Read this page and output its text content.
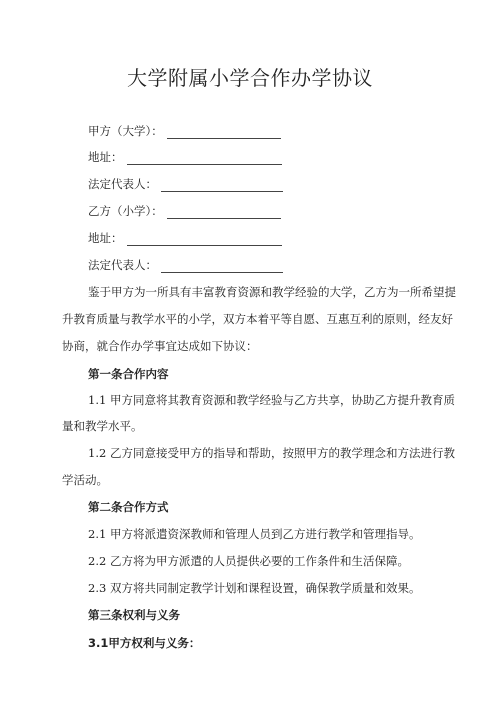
大学附属小学合作办学协议
甲方（大学）：
地址：
法定代表人：
乙方（小学）：
地址：
法定代表人：
鉴于甲方为一所具有丰富教育资源和教学经验的大学，乙方为一所希望提
升教育质量与教学水平的小学，双方本着平等自愿、互惠互利的原则，经友好
协商，就合作办学事宜达成如下协议：
第一条合作内容
1.1 甲方同意将其教育资源和教学经验与乙方共享，协助乙方提升教育质
量和教学水平。
1.2 乙方同意接受甲方的指导和帮助，按照甲方的教学理念和方法进行教
学活动。
第二条合作方式
2.1 甲方将派遣资深教师和管理人员到乙方进行教学和管理指导。
2.2 乙方将为甲方派遣的人员提供必要的工作条件和生活保障。
2.3 双方将共同制定教学计划和课程设置，确保教学质量和效果。
第三条权利与义务
3.1甲方权利与义务：
